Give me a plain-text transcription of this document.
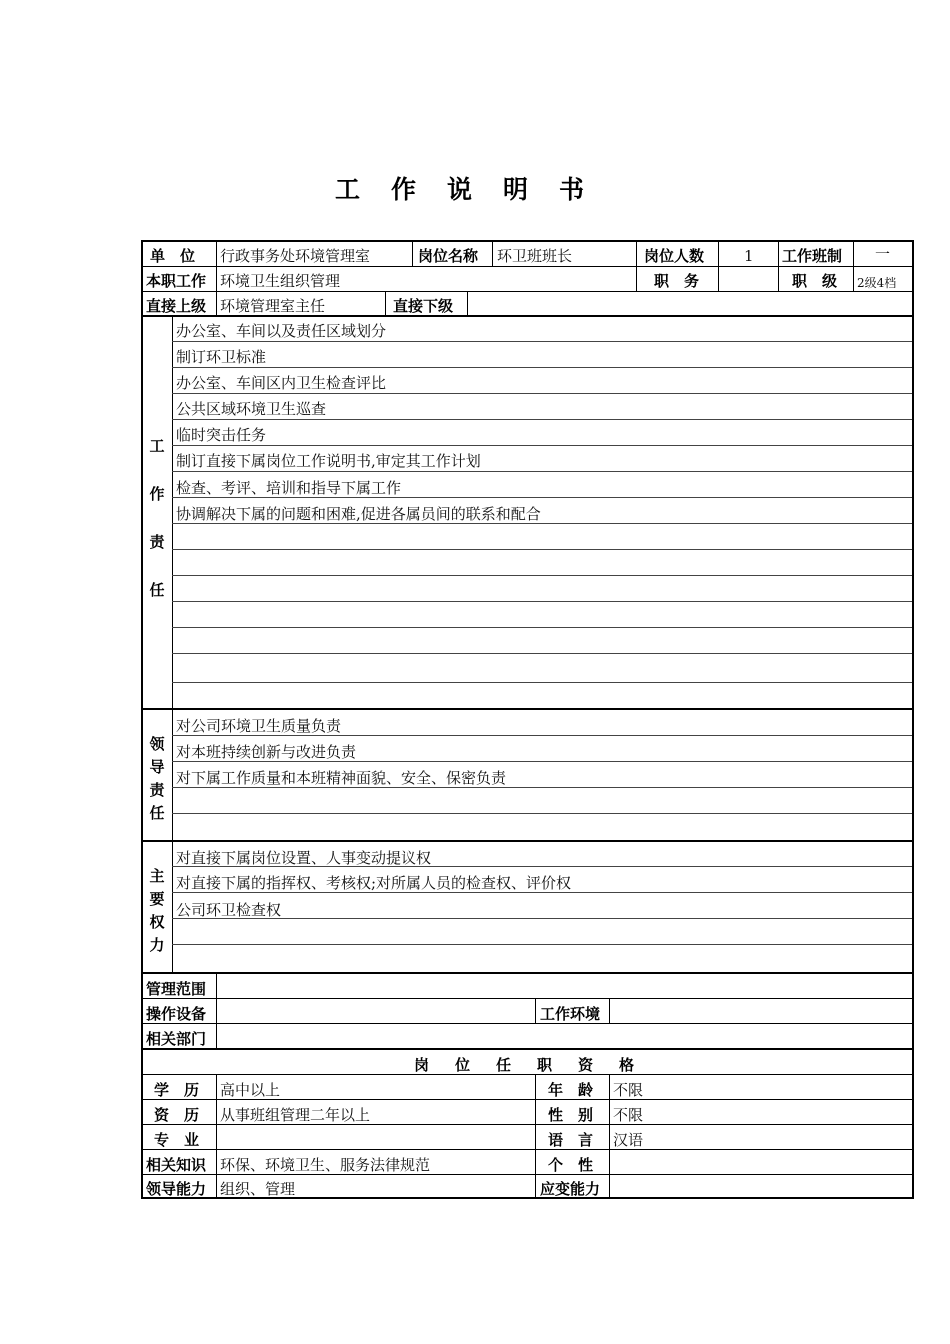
工作说明书
单　位 行政事务处环境管理室	岗位名称 环卫班班长	岗位人数	1 工作班制 一
本职工作 环境卫生组织管理	职　务	职　级 2级4档
直接上级 环境管理室主任	直接下级
工
作
责
任
办公室、车间以及责任区域划分
制订环卫标准
办公室、车间区内卫生检查评比
公共区域环境卫生巡查
临时突击任务
制订直接下属岗位工作说明书,审定其工作计划
检查、考评、培训和指导下属工作
协调解决下属的问题和困难,促进各属员间的联系和配合
领
导
责
任
对公司环境卫生质量负责
对本班持续创新与改进负责
对下属工作质量和本班精神面貌、安全、保密负责
主
要
权
力
对直接下属岗位设置、人事变动提议权
对直接下属的指挥权、考核权;对所属人员的检查权、评价权
公司环卫检查权
管理范围
操作设备	工作环境
相关部门
岗位任职资格
学　历 高中以上	年　龄 不限
资　历 从事班组管理二年以上	性　别 不限
专　业	语　言 汉语
相关知识 环保、环境卫生、服务法律规范	个　性
领导能力 组织、管理	应变能力
